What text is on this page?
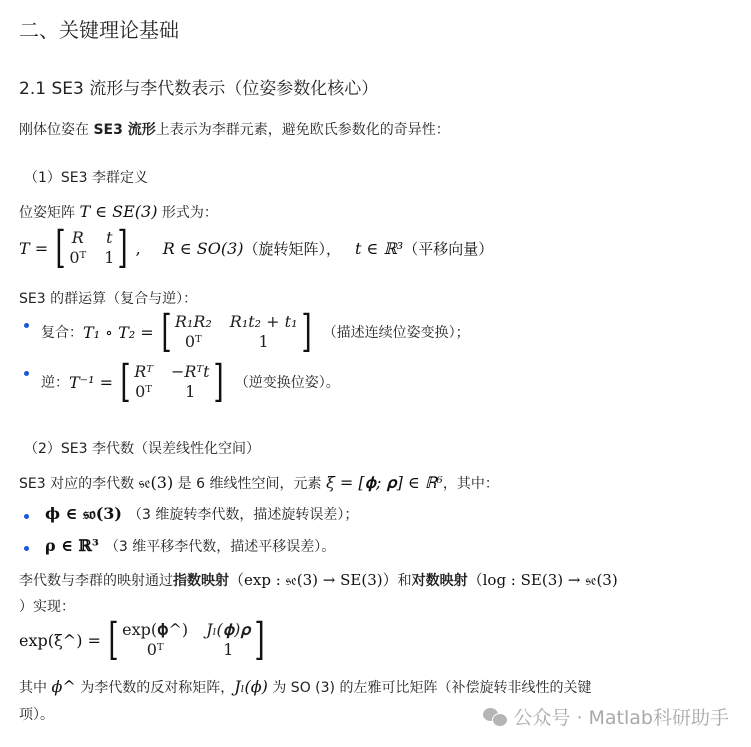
二、关键理论基础
2.1 SE3 流形与李代数表示（位姿参数化核心）
刚体位姿在 SE3 流形上表示为李群元素，避免欧氏参数化的奇异性：
（1）SE3 李群定义
位姿矩阵 T ∈ SE(3) 形式为：
T = [ R t
0ᵀ 1 ] , R ∈ SO(3) （旋转矩阵）， t ∈ ℝ³ （平移向量）
SE3 的群运算（复合与逆）：
复合： T₁ ∘ T₂ = [ R₁R₂ R₁t₂ + t₁
0ᵀ	1 ] （描述连续位姿变换）；
逆： T⁻¹ = [ Rᵀ −Rᵀt
0ᵀ	1 ] （逆变换位姿）。
（2）SE3 李代数（误差线性化空间）
SE3 对应的李代数 𝔰𝔢(3) 是 6 维线性空间，元素 ξ = [𝛟; 𝛒] ∈ ℝ⁶，其中：
𝛟 ∈ 𝔰𝔬(3) （3 维旋转李代数，描述旋转误差）；
𝛒 ∈ ℝ³ （3 维平移李代数，描述平移误差）。
李代数与李群的映射通过指数映射（exp : 𝔰𝔢(3) → SE(3)）和对数映射（log : SE(3) → 𝔰𝔢(3)
）实现：
exp(ξ^) = [ exp(𝛟^) Jₗ(𝛟)𝛒
0ᵀ	1 ]
其中 ϕ^ 为李代数的反对称矩阵，Jₗ(ϕ) 为 SO (3) 的左雅可比矩阵（补偿旋转非线性的关键
项）。	公众号 · Matlab科研助手
